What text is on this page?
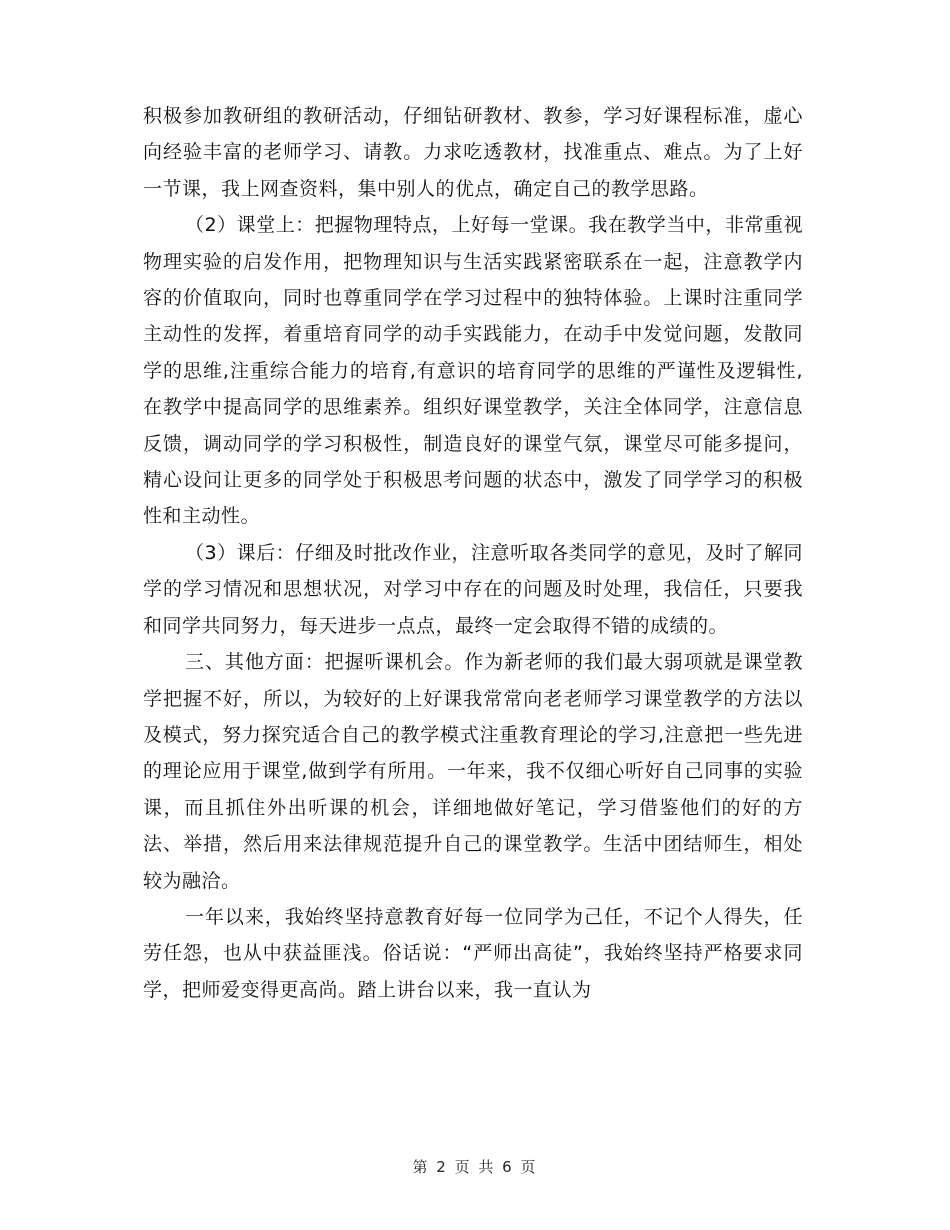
积极参加教研组的教研活动，仔细钻研教材、教参，学习好课程标准，虚心向经验丰富的老师学习、请教。力求吃透教材，找准重点、难点。为了上好一节课，我上网查资料，集中别人的优点，确定自己的教学思路。

（2）课堂上：把握物理特点，上好每一堂课。我在教学当中，非常重视物理实验的启发作用，把物理知识与生活实践紧密联系在一起，注意教学内容的价值取向，同时也尊重同学在学习过程中的独特体验。上课时注重同学主动性的发挥，着重培育同学的动手实践能力，在动手中发觉问题，发散同学的思维,注重综合能力的培育,有意识的培育同学的思维的严谨性及逻辑性,在教学中提高同学的思维素养。组织好课堂教学，关注全体同学，注意信息反馈，调动同学的学习积极性，制造良好的课堂气氛，课堂尽可能多提问，精心设问让更多的同学处于积极思考问题的状态中，激发了同学学习的积极性和主动性。

（3）课后：仔细及时批改作业，注意听取各类同学的意见，及时了解同学的学习情况和思想状况，对学习中存在的问题及时处理，我信任，只要我和同学共同努力，每天进步一点点，最终一定会取得不错的成绩的。

三、其他方面：把握听课机会。作为新老师的我们最大弱项就是课堂教学把握不好，所以，为较好的上好课我常常向老老师学习课堂教学的方法以及模式，努力探究适合自己的教学模式注重教育理论的学习,注意把一些先进的理论应用于课堂,做到学有所用。一年来，我不仅细心听好自己同事的实验课，而且抓住外出听课的机会，详细地做好笔记，学习借鉴他们的好的方法、举措，然后用来法律规范提升自己的课堂教学。生活中团结师生，相处较为融洽。

一年以来，我始终坚持意教育好每一位同学为己任，不记个人得失，任劳任怨，也从中获益匪浅。俗话说：“严师出高徒”，我始终坚持严格要求同学，把师爱变得更高尚。踏上讲台以来，我一直认为

第 2 页 共 6 页
